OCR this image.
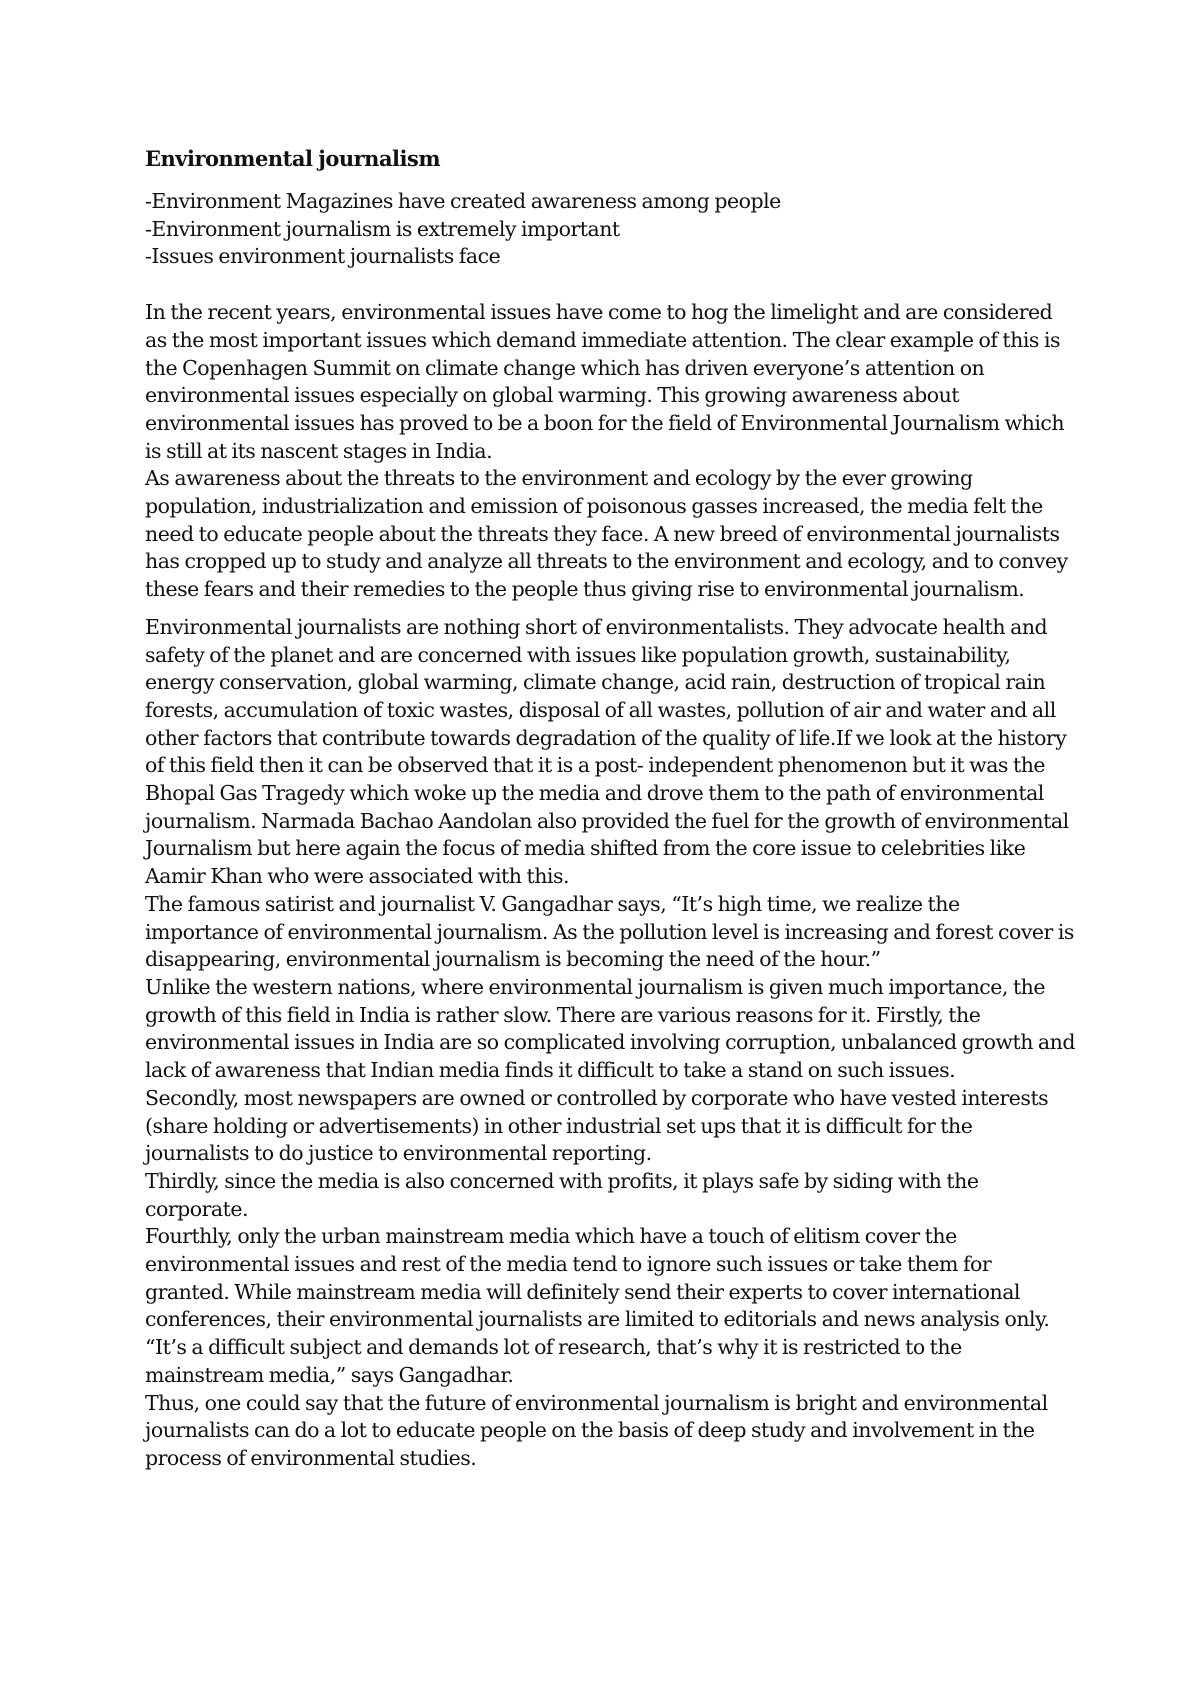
Environmental journalism
-Environment Magazines have created awareness among people
-Environment journalism is extremely important
-Issues environment journalists face

In the recent years, environmental issues have come to hog the limelight and are considered as the most important issues which demand immediate attention. The clear example of this is the Copenhagen Summit on climate change which has driven everyone’s attention on environmental issues especially on global warming. This growing awareness about environmental issues has proved to be a boon for the field of Environmental Journalism which is still at its nascent stages in India.

As awareness about the threats to the environment and ecology by the ever growing population, industrialization and emission of poisonous gasses increased, the media felt the need to educate people about the threats they face. A new breed of environmental journalists has cropped up to study and analyze all threats to the environment and ecology, and to convey these fears and their remedies to the people thus giving rise to environmental journalism.

Environmental journalists are nothing short of environmentalists. They advocate health and safety of the planet and are concerned with issues like population growth, sustainability, energy conservation, global warming, climate change, acid rain, destruction of tropical rain forests, accumulation of toxic wastes, disposal of all wastes, pollution of air and water and all other factors that contribute towards degradation of the quality of life.If we look at the history of this field then it can be observed that it is a post- independent phenomenon but it was the Bhopal Gas Tragedy which woke up the media and drove them to the path of environmental journalism. Narmada Bachao Aandolan also provided the fuel for the growth of environmental Journalism but here again the focus of media shifted from the core issue to celebrities like Aamir Khan who were associated with this.

The famous satirist and journalist V. Gangadhar says, “It’s high time, we realize the importance of environmental journalism. As the pollution level is increasing and forest cover is disappearing, environmental journalism is becoming the need of the hour.”

Unlike the western nations, where environmental journalism is given much importance, the growth of this field in India is rather slow. There are various reasons for it. Firstly, the environmental issues in India are so complicated involving corruption, unbalanced growth and lack of awareness that Indian media finds it difficult to take a stand on such issues.

Secondly, most newspapers are owned or controlled by corporate who have vested interests (share holding or advertisements) in other industrial set ups that it is difficult for the journalists to do justice to environmental reporting.

Thirdly, since the media is also concerned with profits, it plays safe by siding with the corporate.

Fourthly, only the urban mainstream media which have a touch of elitism cover the environmental issues and rest of the media tend to ignore such issues or take them for granted. While mainstream media will definitely send their experts to cover international conferences, their environmental journalists are limited to editorials and news analysis only.

“It’s a difficult subject and demands lot of research, that’s why it is restricted to the mainstream media,” says Gangadhar.

Thus, one could say that the future of environmental journalism is bright and environmental journalists can do a lot to educate people on the basis of deep study and involvement in the process of environmental studies.
